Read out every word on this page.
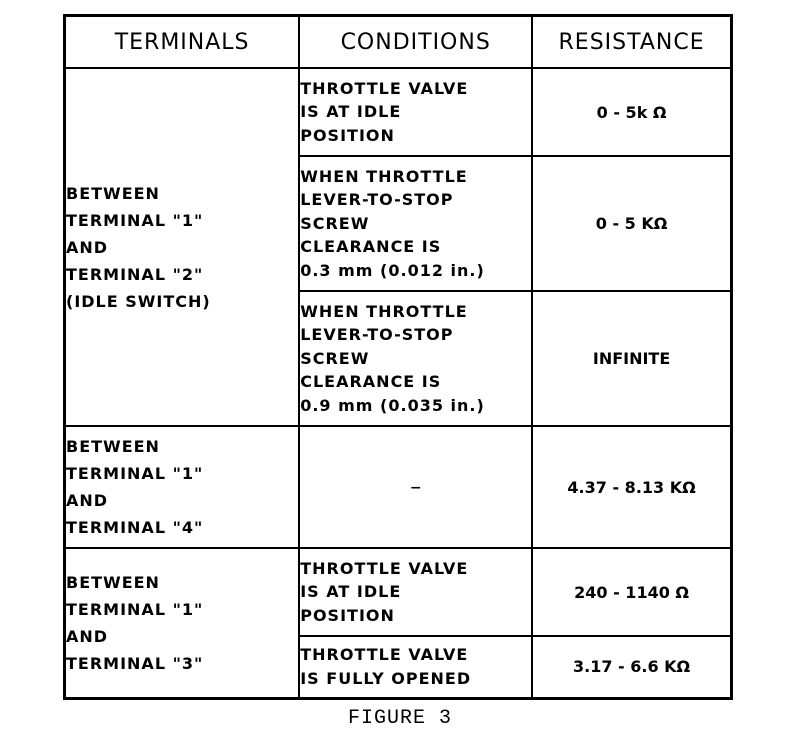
TERMINALS	CONDITIONS	RESISTANCE
BETWEEN
TERMINAL "1"
AND
TERMINAL "2"
(IDLE SWITCH)	THROTTLE VALVE
IS AT IDLE
POSITION	0 - 5k Ω
	WHEN THROTTLE
LEVER-TO-STOP
SCREW
CLEARANCE IS
0.3 mm (0.012 in.)	0 - 5 KΩ
	WHEN THROTTLE
LEVER-TO-STOP
SCREW
CLEARANCE IS
0.9 mm (0.035 in.)	INFINITE
BETWEEN
TERMINAL "1"
AND
TERMINAL "4"	–	4.37 - 8.13 KΩ
BETWEEN
TERMINAL "1"
AND
TERMINAL "3"	THROTTLE VALVE
IS AT IDLE
POSITION	240 - 1140 Ω
	THROTTLE VALVE
IS FULLY OPENED	3.17 - 6.6 KΩ
FIGURE 3
